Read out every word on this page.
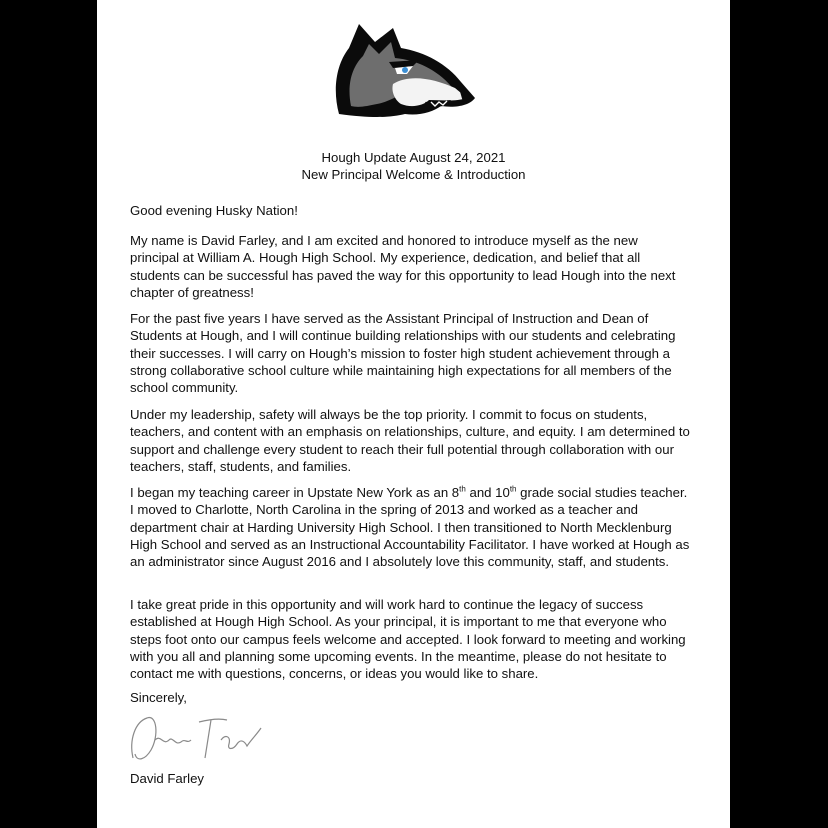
Hough Update August 24, 2021
New Principal Welcome & Introduction

Good evening Husky Nation!

My name is David Farley, and I am excited and honored to introduce myself as the new principal at William A. Hough High School. My experience, dedication, and belief that all students can be successful has paved the way for this opportunity to lead Hough into the next chapter of greatness!

For the past five years I have served as the Assistant Principal of Instruction and Dean of Students at Hough, and I will continue building relationships with our students and celebrating their successes. I will carry on Hough’s mission to foster high student achievement through a strong collaborative school culture while maintaining high expectations for all members of the school community.

Under my leadership, safety will always be the top priority. I commit to focus on students, teachers, and content with an emphasis on relationships, culture, and equity. I am determined to support and challenge every student to reach their full potential through collaboration with our teachers, staff, students, and families.

I began my teaching career in Upstate New York as an 8th and 10th grade social studies teacher. I moved to Charlotte, North Carolina in the spring of 2013 and worked as a teacher and department chair at Harding University High School. I then transitioned to North Mecklenburg High School and served as an Instructional Accountability Facilitator. I have worked at Hough as an administrator since August 2016 and I absolutely love this community, staff, and students.

I take great pride in this opportunity and will work hard to continue the legacy of success established at Hough High School. As your principal, it is important to me that everyone who steps foot onto our campus feels welcome and accepted. I look forward to meeting and working with you all and planning some upcoming events. In the meantime, please do not hesitate to contact me with questions, concerns, or ideas you would like to share.

Sincerely,

David Farley
